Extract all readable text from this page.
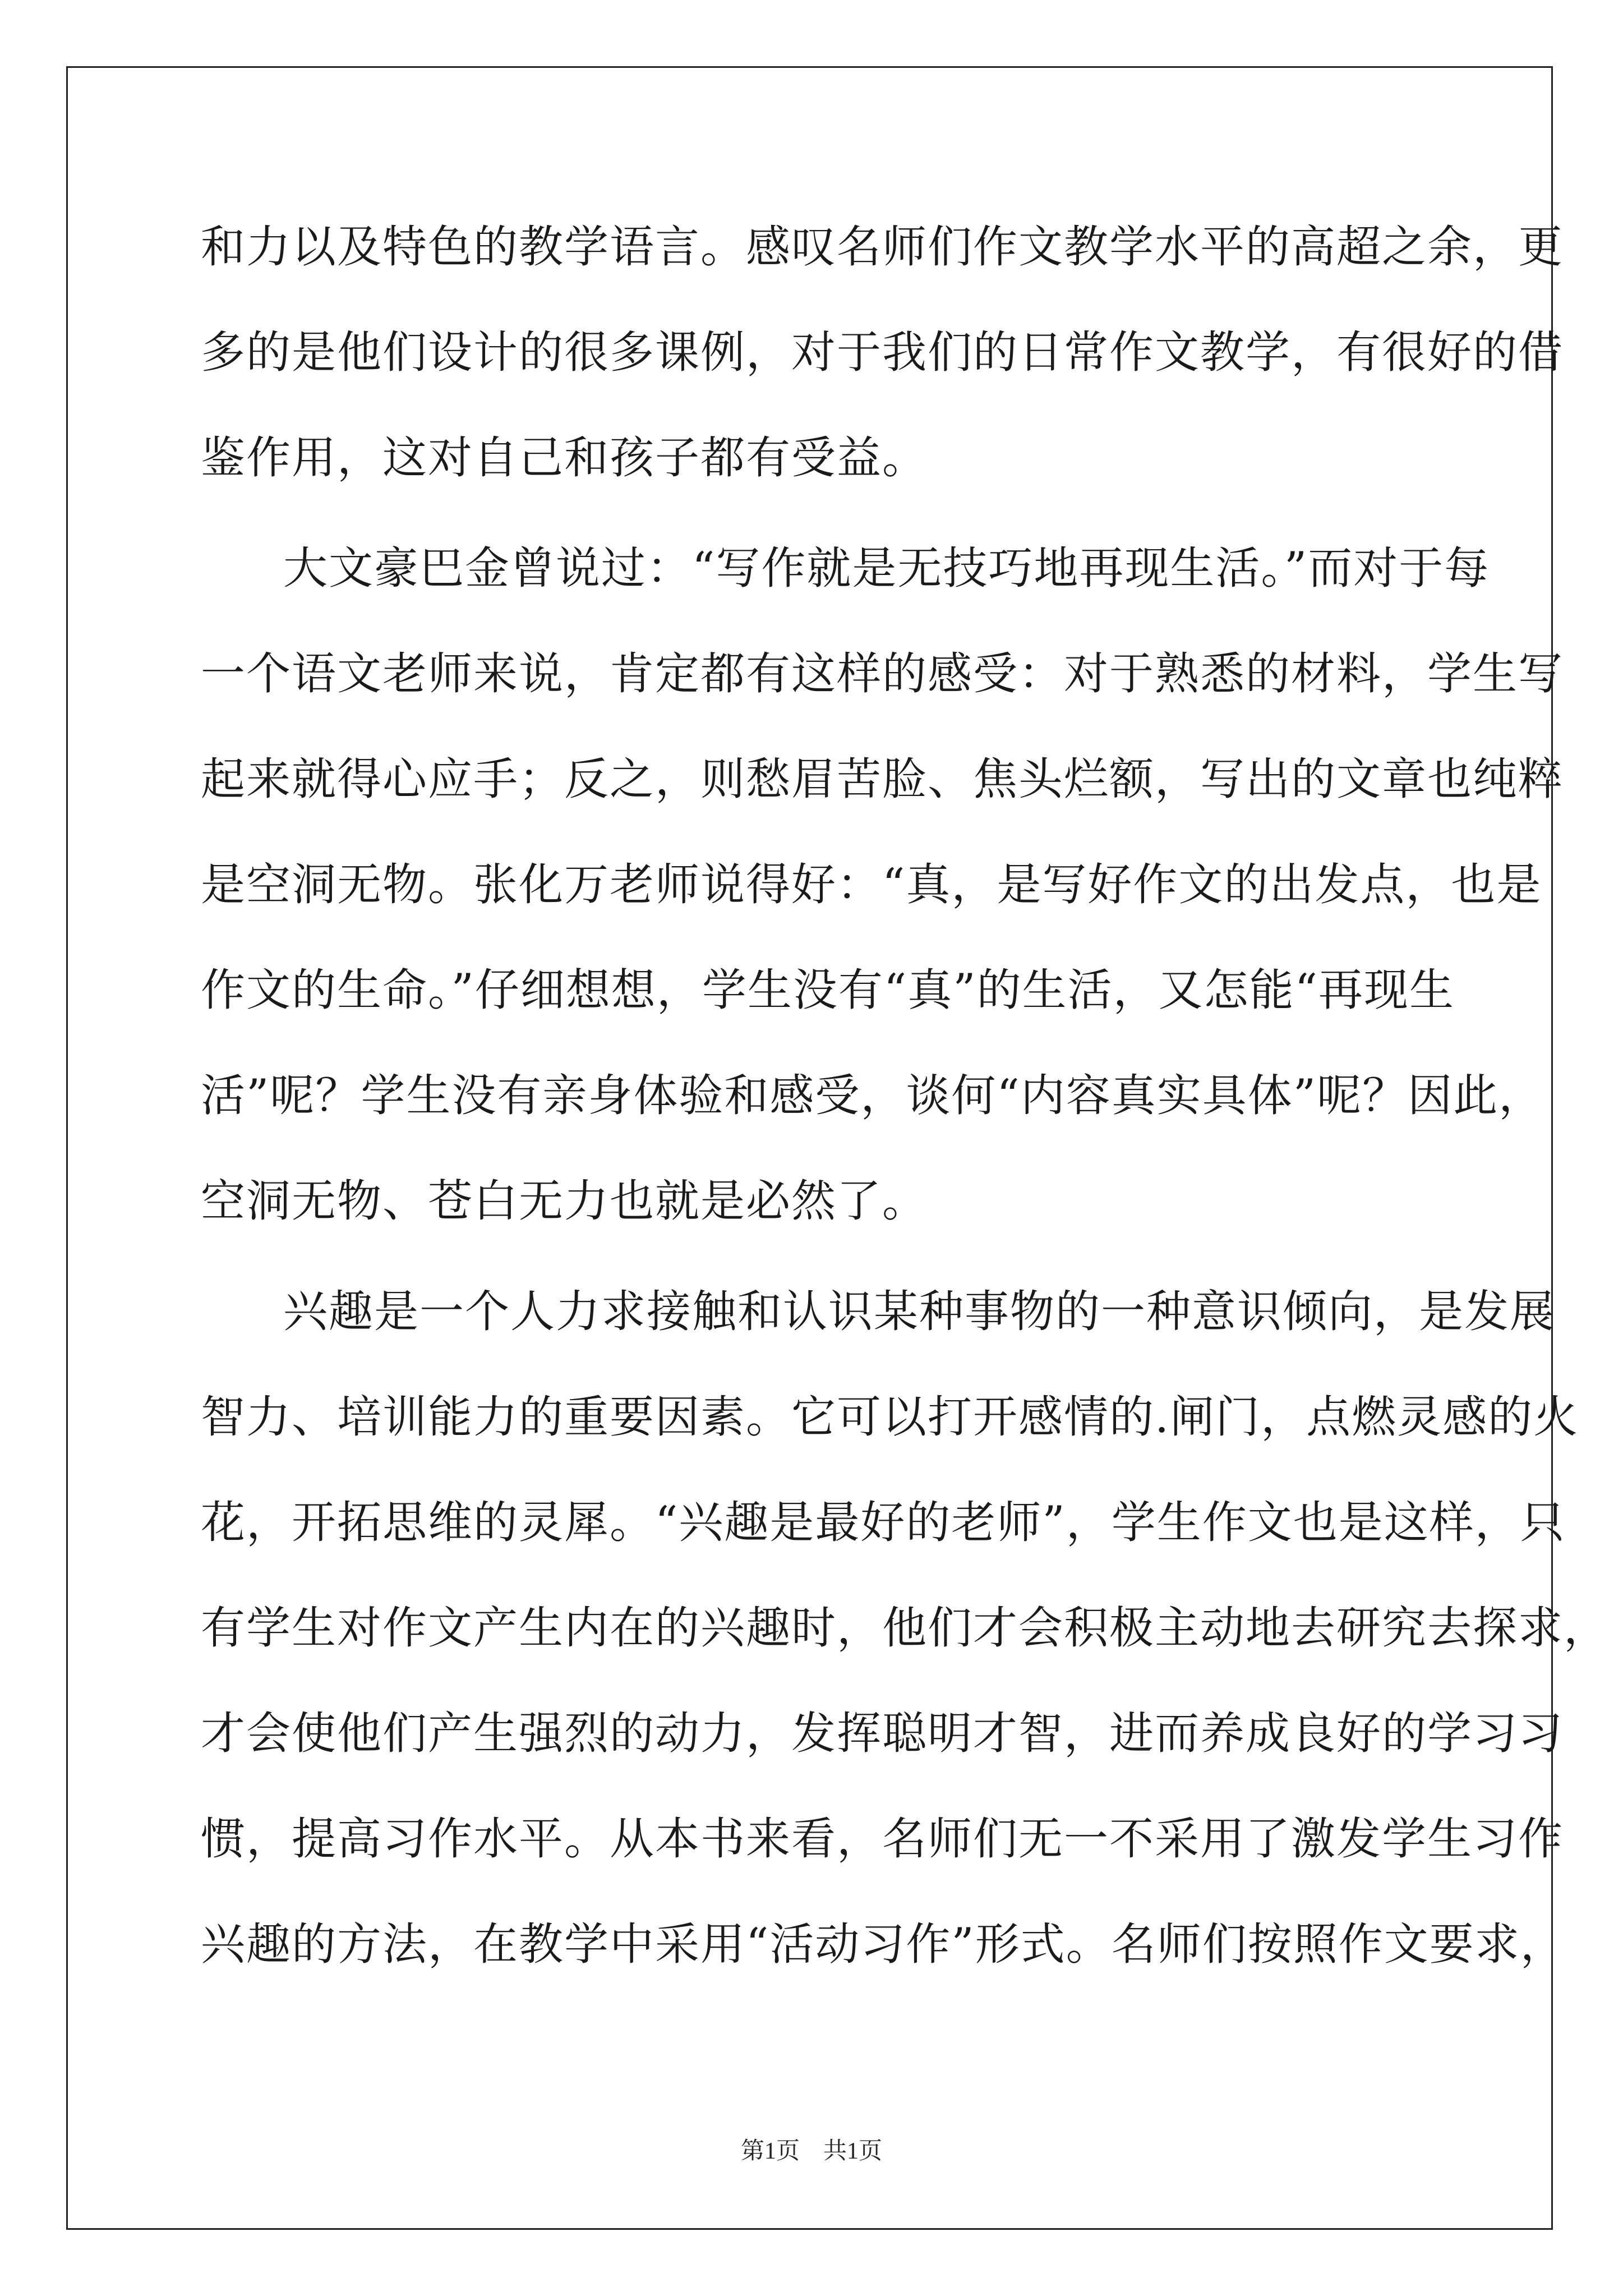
和力以及特色的教学语言。感叹名师们作文教学水平的高超之余，更
多的是他们设计的很多课例，对于我们的日常作文教学，有很好的借
鉴作用，这对自己和孩子都有受益。
大文豪巴金曾说过：“写作就是无技巧地再现生活。”而对于每
一个语文老师来说，肯定都有这样的感受：对于熟悉的材料，学生写
起来就得心应手；反之，则愁眉苦脸、焦头烂额，写出的文章也纯粹
是空洞无物。张化万老师说得好：“真，是写好作文的出发点，也是
作文的生命。”仔细想想，学生没有“真”的生活，又怎能“再现生
活”呢？学生没有亲身体验和感受，谈何“内容真实具体”呢？因此，
空洞无物、苍白无力也就是必然了。
兴趣是一个人力求接触和认识某种事物的一种意识倾向，是发展
智力、培训能力的重要因素。它可以打开感情的.闸门，点燃灵感的火
花，开拓思维的灵犀。“兴趣是最好的老师”，学生作文也是这样，只
有学生对作文产生内在的兴趣时，他们才会积极主动地去研究去探求，
才会使他们产生强烈的动力，发挥聪明才智，进而养成良好的学习习
惯，提高习作水平。从本书来看，名师们无一不采用了激发学生习作
兴趣的方法，在教学中采用“活动习作”形式。名师们按照作文要求，
第1页　共1页
